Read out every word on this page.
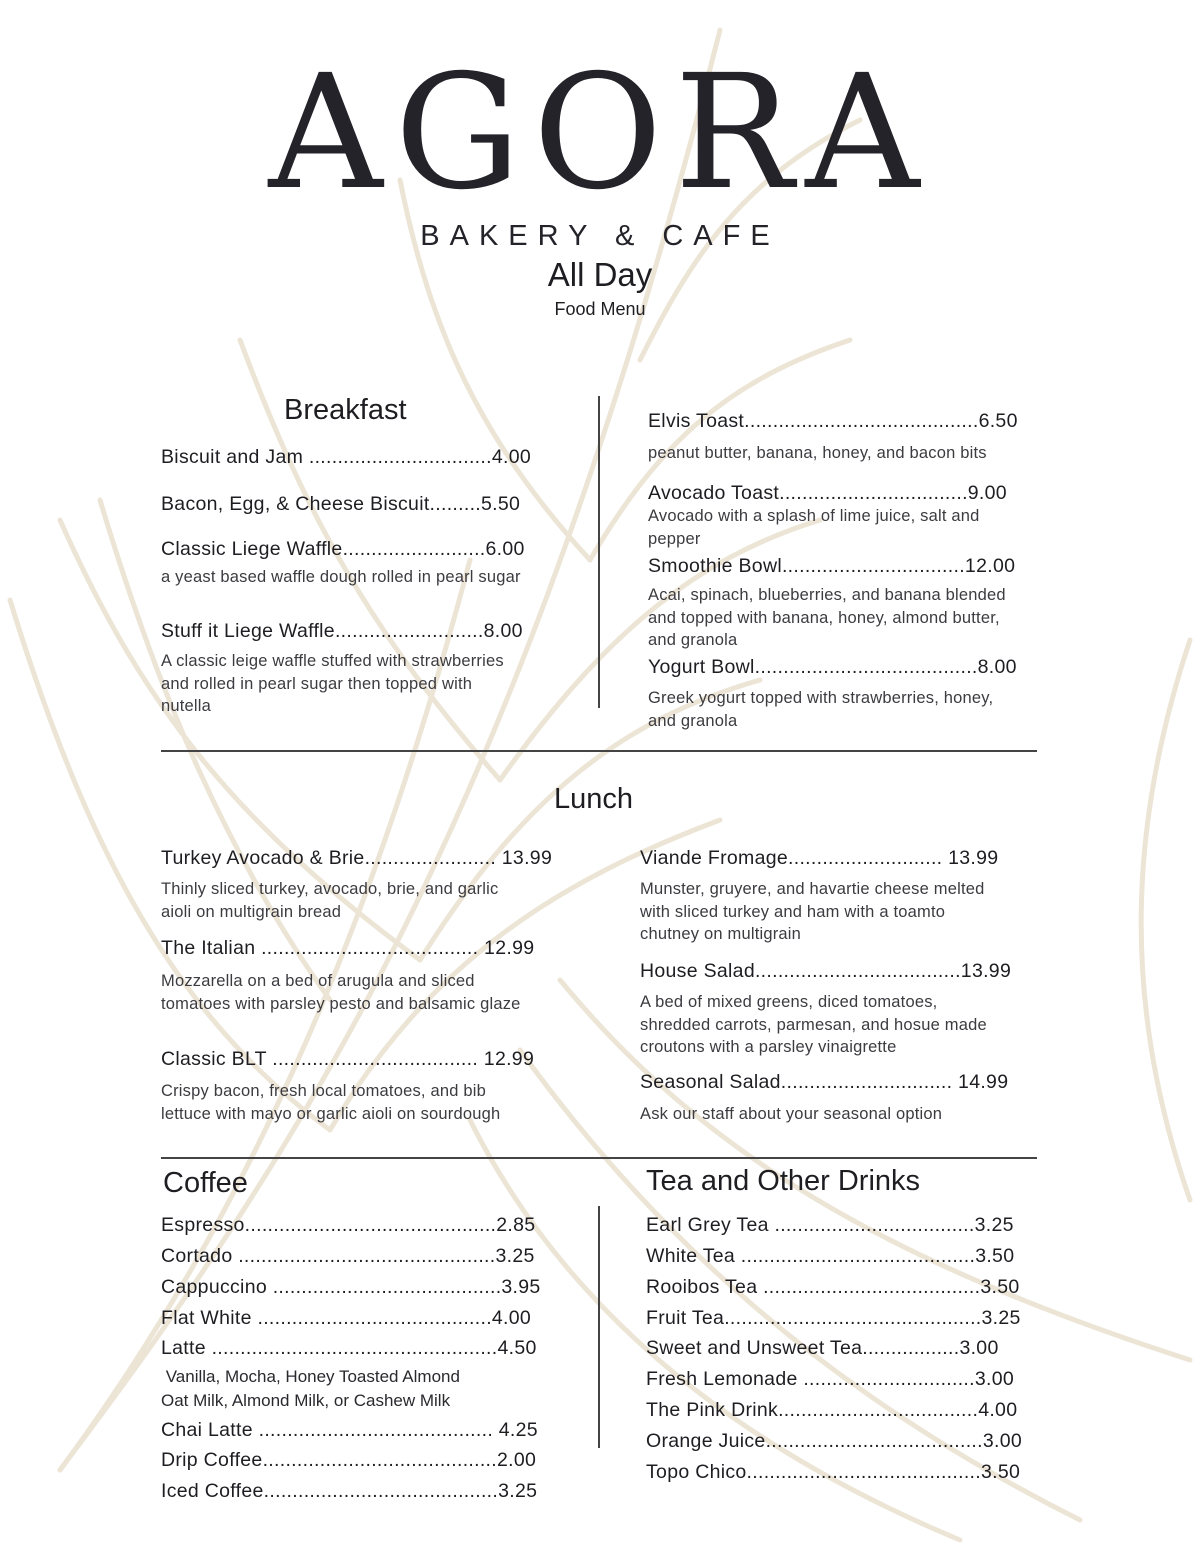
AGORA
BAKERY & CAFE
All Day
Food Menu
Breakfast
Biscuit and Jam ................................4.00
Bacon, Egg, & Cheese Biscuit.........5.50
Classic Liege Waffle.........................6.00
a yeast based waffle dough rolled in pearl sugar
Stuff it Liege Waffle..........................8.00
A classic leige waffle stuffed with strawberries
and rolled in pearl sugar then topped with
nutella
Elvis Toast.........................................6.50
peanut butter, banana, honey, and bacon bits
Avocado Toast.................................9.00
Avocado with a splash of lime juice, salt and
pepper
Smoothie Bowl................................12.00
Acai, spinach, blueberries, and banana blended
and topped with banana, honey, almond butter,
and granola
Yogurt Bowl.......................................8.00
Greek yogurt topped with strawberries, honey,
and granola
Lunch
Turkey Avocado & Brie....................... 13.99
Thinly sliced turkey, avocado, brie, and garlic
aioli on multigrain bread
The Italian ...................................... 12.99
Mozzarella on a bed of arugula and sliced
tomatoes with parsley pesto and balsamic glaze
Classic BLT .................................... 12.99
Crispy bacon, fresh local tomatoes, and bib
lettuce with mayo or garlic aioli on sourdough
Viande Fromage........................... 13.99
Munster, gruyere, and havartie cheese melted
with sliced turkey and ham with a toamto
chutney on multigrain
House Salad....................................13.99
A bed of mixed greens, diced tomatoes,
shredded carrots, parmesan, and hosue made
croutons with a parsley vinaigrette
Seasonal Salad.............................. 14.99
Ask our staff about your seasonal option
Coffee
Espresso............................................2.85
Cortado .............................................3.25
Cappuccino ........................................3.95
Flat White .........................................4.00
Latte ..................................................4.50
Vanilla, Mocha, Honey Toasted Almond
Oat Milk, Almond Milk, or Cashew Milk
Chai Latte ......................................... 4.25
Drip Coffee.........................................2.00
Iced Coffee.........................................3.25
Tea and Other Drinks
Earl Grey Tea ...................................3.25
White Tea .........................................3.50
Rooibos Tea ......................................3.50
Fruit Tea.............................................3.25
Sweet and Unsweet Tea.................3.00
Fresh Lemonade ..............................3.00
The Pink Drink...................................4.00
Orange Juice......................................3.00
Topo Chico.........................................3.50
